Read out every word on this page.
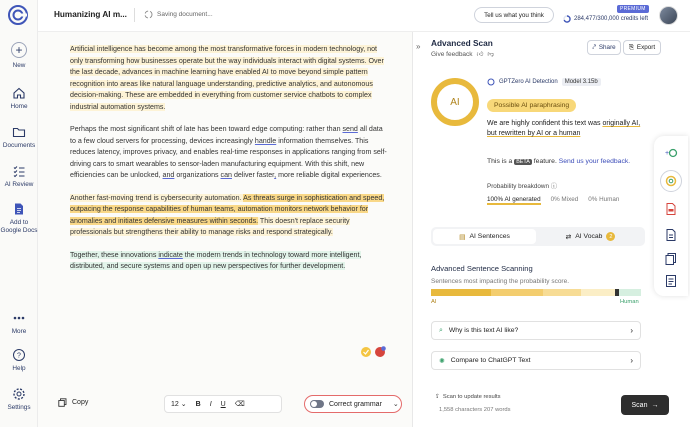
+
New
Home
Documents
AI Review
Add to Google Docs
More
?
Help
Settings
Humanizing AI m...	Saving document...	Tell us what you think
PREMIUM
284,477/300,000 credits left

Artificial intelligence has become among the most transformative forces in modern technology, not only transforming how businesses operate but the way individuals interact with digital systems. Over the last decade, advances in machine learning have enabled AI to move beyond simple pattern recognition into areas like natural language understanding, predictive analytics, and autonomous decision-making. These are embedded in everything from customer service chatbots to complex industrial automation systems.

Perhaps the most significant shift of late has been toward edge computing: rather than send all data to a few cloud servers for processing, devices increasingly handle information themselves. This reduces latency, improves privacy, and enables real-time responses in applications ranging from self-driving cars to smart wearables to sensor-laden manufacturing equipment. With this shift, new efficiencies can be unlocked, and organizations can deliver faster, more reliable digital experiences.

Another fast-moving trend is cybersecurity automation. As threats surge in sophistication and speed, outpacing the response capabilities of human teams, automation monitors network behavior for anomalies and initiates defensive measures within seconds. This doesn't replace security professionals but strengthens their ability to manage risks and respond strategically.

Together, these innovations indicate the modern trends in technology toward more intelligent, distributed, and secure systems and open up new perspectives for further development.

Copy	12 ⌄ B I U ⌫	Correct grammar ⌄
» Advanced Scan
Give feedback 👍︎ 👎︎
⤤ Share ⎘ Export
AI
GPTZero AI Detection	Model 3.15b
Possible AI paraphrasing
We are highly confident this text was originally AI, but rewritten by AI or a human
This is a BETA feature. Send us your feedback.
Probability breakdown ⓘ
100% AI generated 0% Mixed 0% Human
▤ AI Sentences	⇄ AI Vocab	2
Advanced Sentence Scanning
Sentences most impacting the probability score.
AI	Human
⌕ Why is this text AI like?	›
✺ Compare to ChatGPT Text	›
⇪ Scan to update results
1,558 characters 207 words
Scan →
+
